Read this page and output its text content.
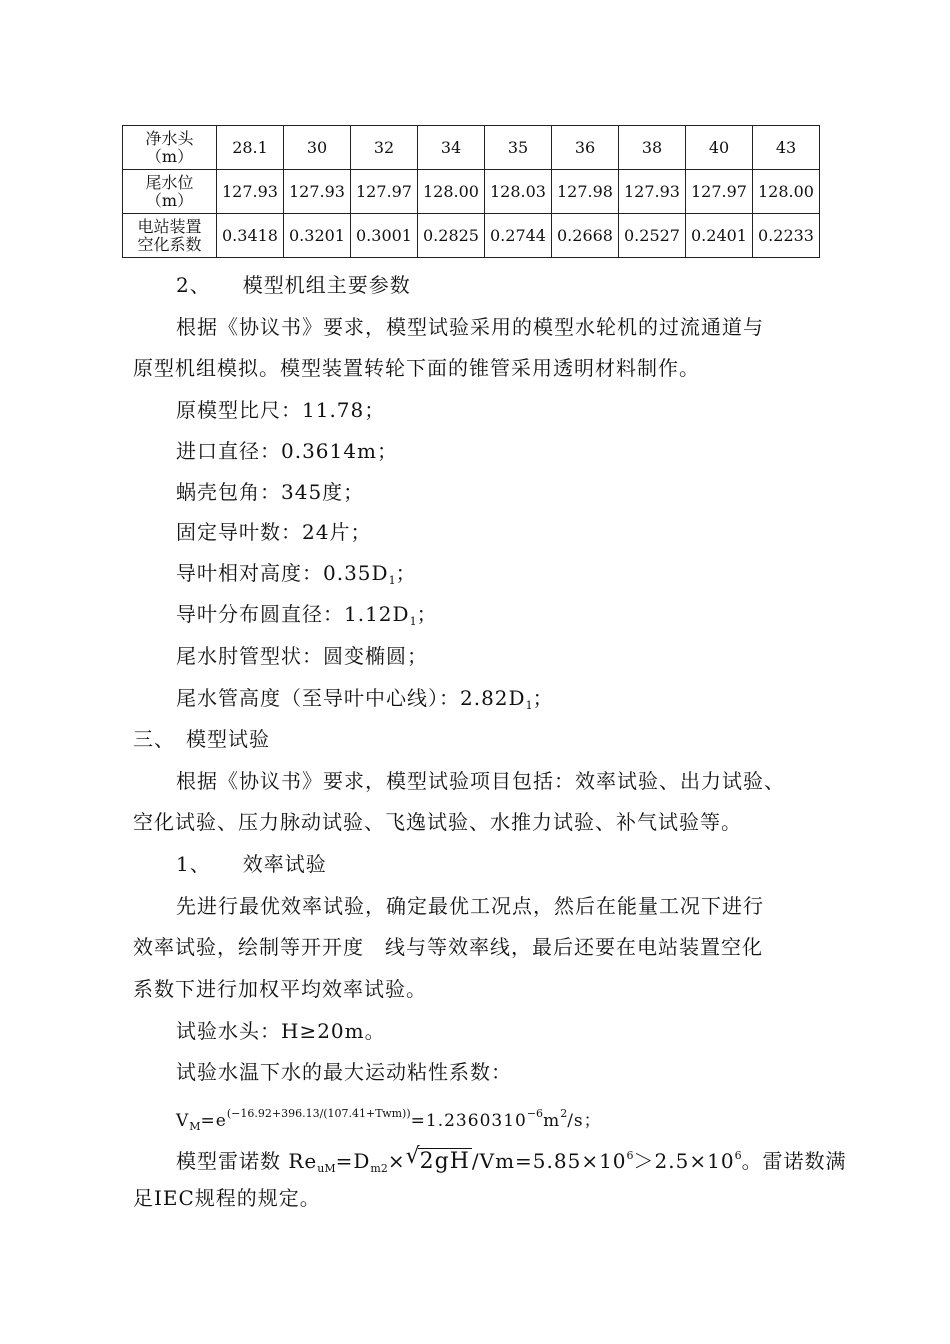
净水头
（m）	28.1	30	32	34	35	36	38	40	43

尾水位
（m）	127.93	127.93	127.97	128.00	128.03	127.98	127.93	127.97	128.00

电站装置
空化系数	0.3418	0.3201	0.3001	0.2825	0.2744	0.2668	0.2527	0.2401	0.2233
2、　　模型机组主要参数
根据《协议书》要求，模型试验采用的模型水轮机的过流通道与
原型机组模拟。模型装置转轮下面的锥管采用透明材料制作。
原模型比尺：11.78；
进口直径：0.3614m；
蜗壳包角：345度；
固定导叶数：24片；
导叶相对高度：$0.35D_1$；
导叶分布圆直径：$1.12D_1$；
尾水肘管型状：圆变椭圆；
尾水管高度（至导叶中心线）：$2.82D_1$；
三、　模型试验
根据《协议书》要求，模型试验项目包括：效率试验、出力试验、
空化试验、压力脉动试验、飞逸试验、水推力试验、补气试验等。
1、　　效率试验
先进行最优效率试验，确定最优工况点，然后在能量工况下进行
效率试验，绘制等开开度　线与等效率线，最后还要在电站装置空化
系数下进行加权平均效率试验。
试验水头：H≥20m。
试验水温下水的最大运动粘性系数：
$V_M=e^{(-16.92+396.13/(107.41+Twm))}=1.2360310^{-6}m^2/s$；
模型雷诺数 $Re_{uM}=D_{m2}\times$ √
2gH $/Vm=5.85\times 10^6>2.5\times 10^6$。雷诺数满
足IEC规程的规定。
